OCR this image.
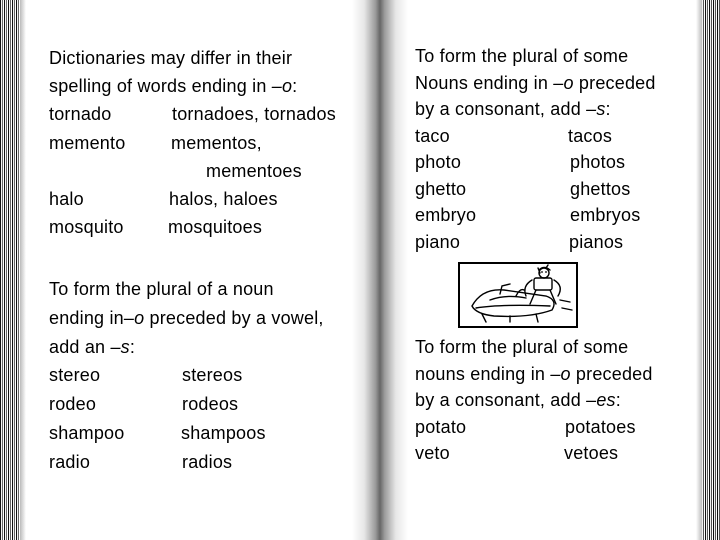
Dictionaries may differ in their
spelling of words ending in –o:
tornado	tornadoes, tornados
memento	mementos,
mementoes
halo	halos, haloes
mosquito mosquitoes
To form the plural of a noun
ending in–o preceded by a vowel,
add an –s:
stereo	stereos
rodeo	rodeos
shampoo	shampoos
radio	radios
To form the plural of some
Nouns ending in –o preceded
by a consonant, add –s:
taco	tacos
photo	photos
ghetto	ghettos
embryo	embryos
piano	pianos
To form the plural of some
nouns ending in –o preceded
by a consonant, add –es:
potato	potatoes
veto	vetoes
